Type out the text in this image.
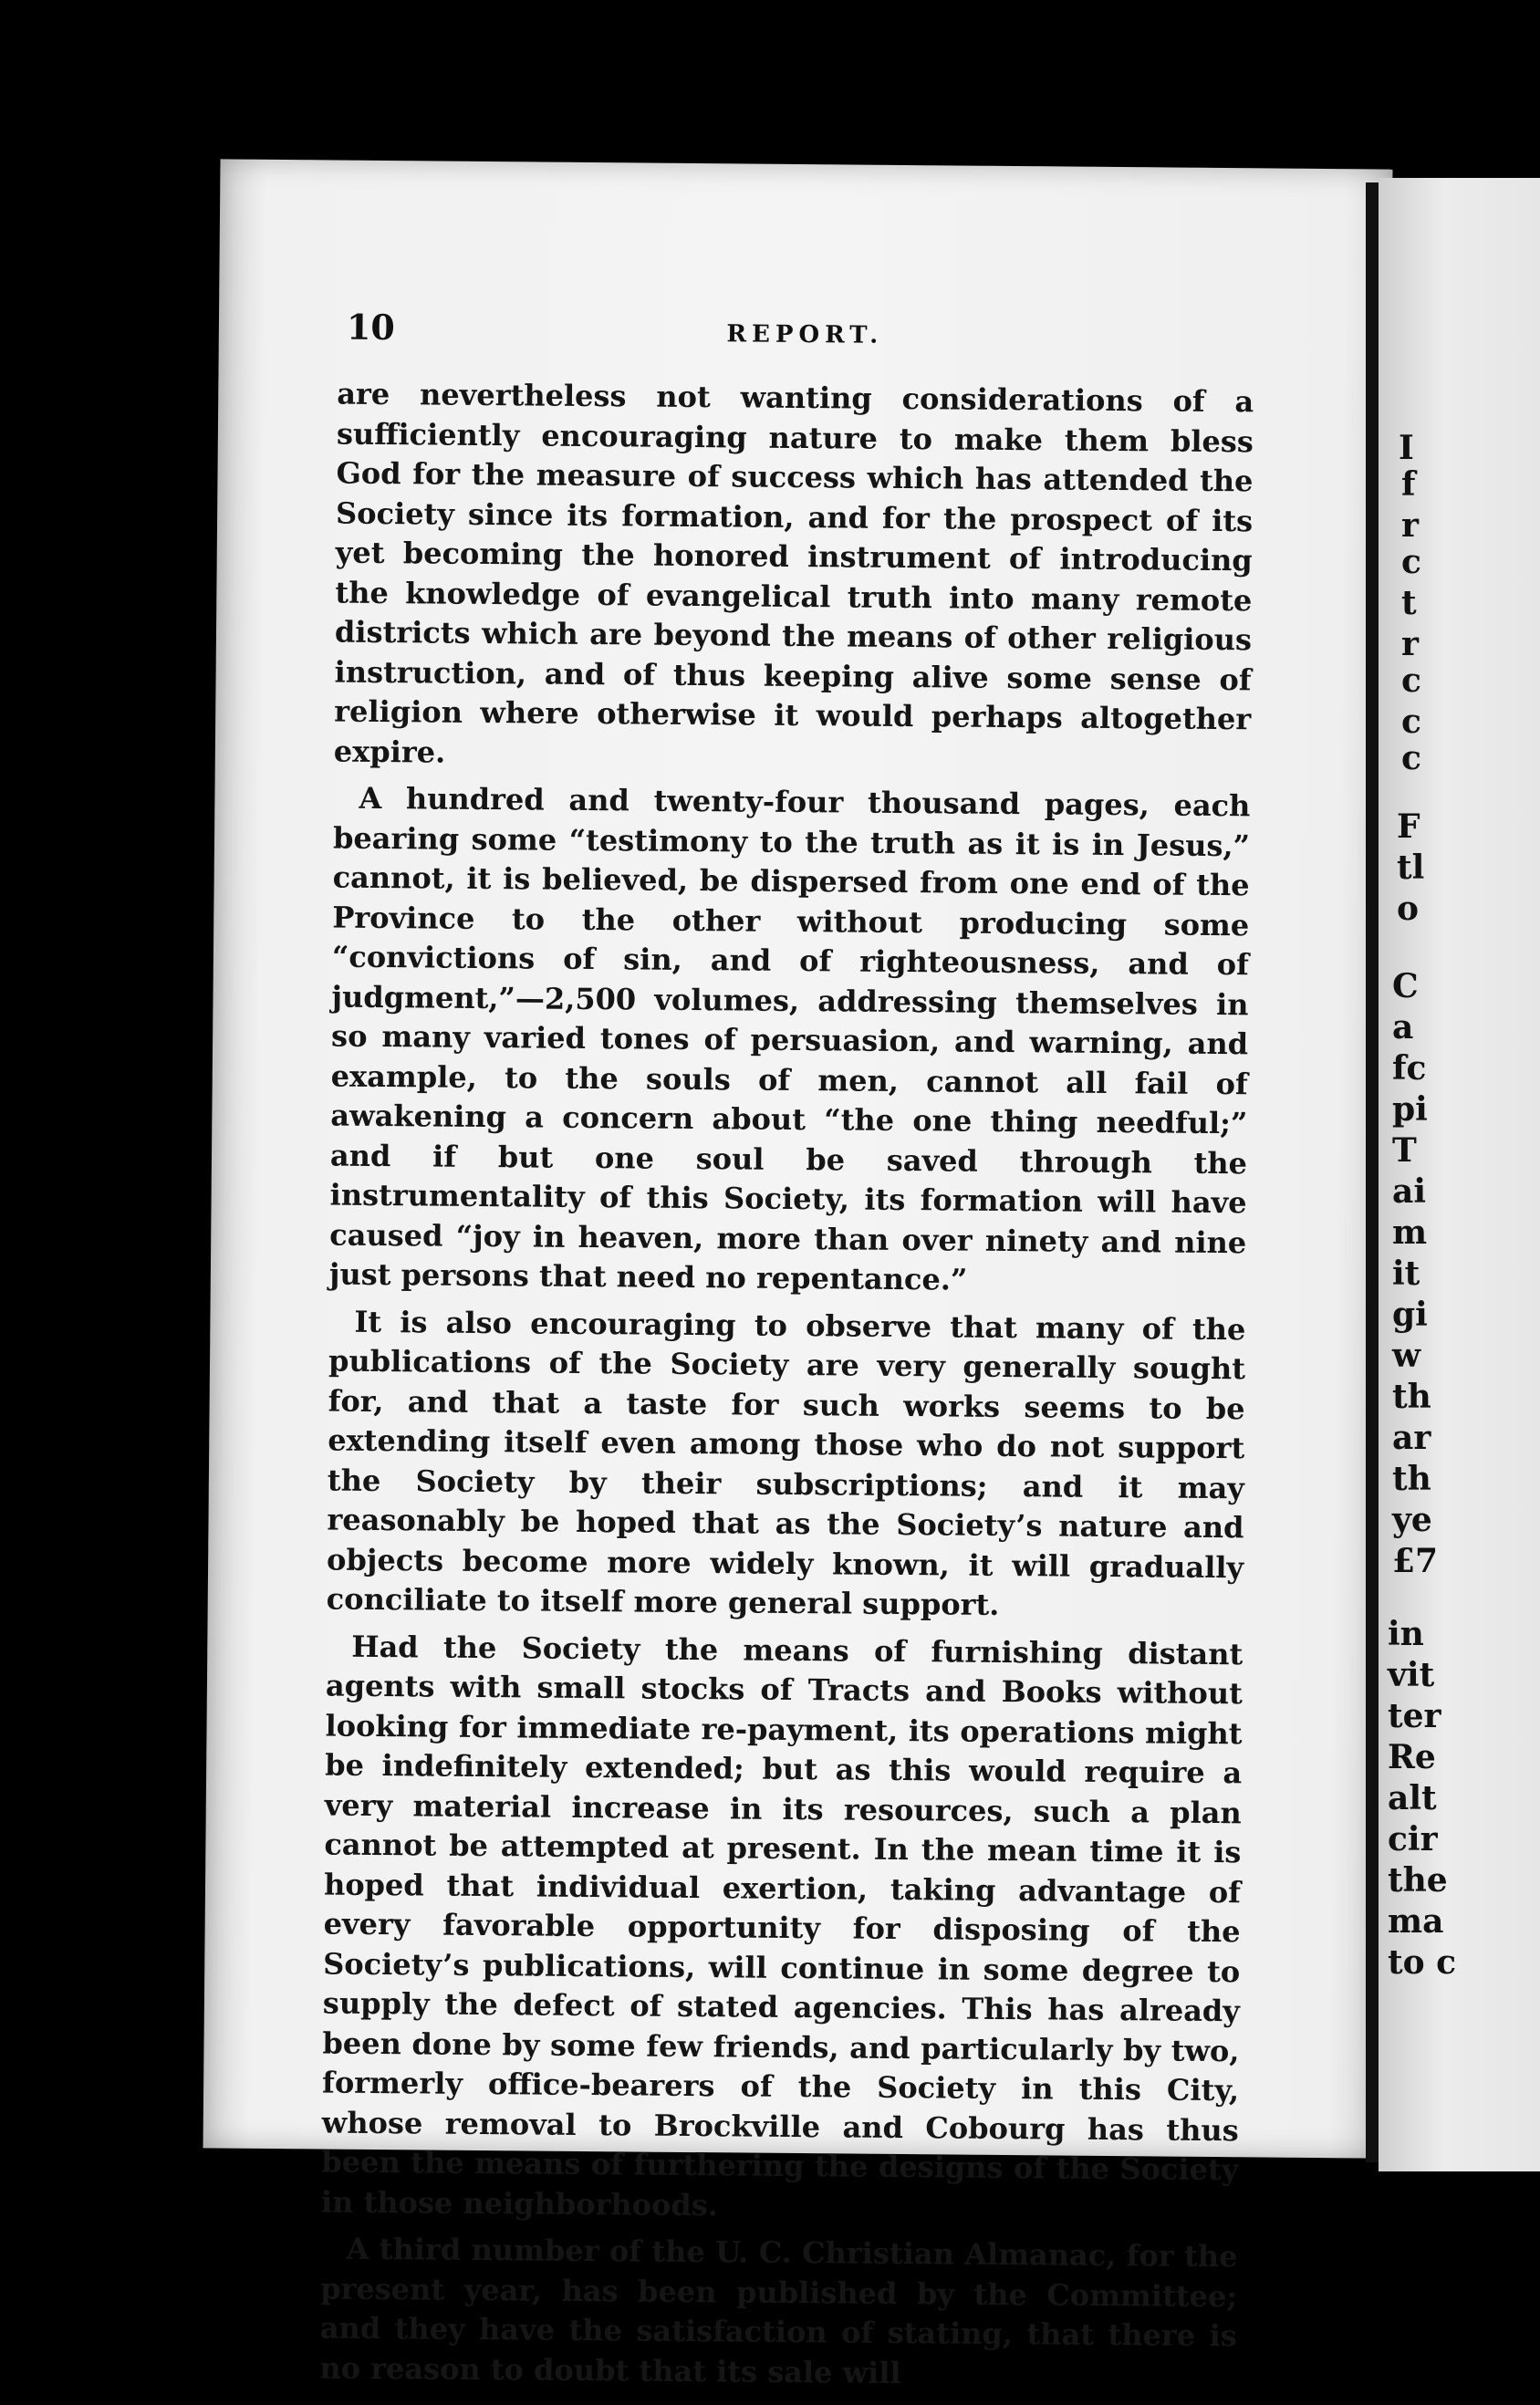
10	REPORT.

are nevertheless not wanting considerations of a sufficiently encouraging nature to make them bless God for the measure of success which has attended the Society since its formation, and for the prospect of its yet becoming the honored instrument of introducing the knowledge of evangelical truth into many remote districts which are beyond the means of other religious instruction, and of thus keeping alive some sense of religion where otherwise it would perhaps altogether expire.

A hundred and twenty-four thousand pages, each bearing some “testimony to the truth as it is in Jesus,” cannot, it is believed, be dispersed from one end of the Province to the other without producing some “convictions of sin, and of righteousness, and of judgment,”—2,500 volumes, addressing themselves in so many varied tones of persuasion, and warning, and example, to the souls of men, cannot all fail of awakening a concern about “the one thing needful;” and if but one soul be saved through the instrumentality of this Society, its formation will have caused “joy in heaven, more than over ninety and nine just persons that need no repentance.”

It is also encouraging to observe that many of the publications of the Society are very generally sought for, and that a taste for such works seems to be extending itself even among those who do not support the Society by their subscriptions; and it may reasonably be hoped that as the Society’s nature and objects become more widely known, it will gradually conciliate to itself more general support.

Had the Society the means of furnishing distant agents with small stocks of Tracts and Books without looking for immediate re-payment, its operations might be indefinitely extended; but as this would require a very material increase in its resources, such a plan cannot be attempted at present. In the mean time it is hoped that individual exertion, taking advantage of every favorable opportunity for disposing of the Society’s publications, will continue in some degree to supply the defect of stated agencies. This has already been done by some few friends, and particularly by two, formerly office-bearers of the Society in this City, whose removal to Brockville and Cobourg has thus been the means of furthering the designs of the Society in those neighborhoods.

A third number of the U. C. Christian Almanac, for the present year, has been published by the Committee; and they have the satisfaction of stating, that there is no reason to doubt that its sale will

I
f
r
c
t
r
c
c
c
F
tl
o
C
a
fc
pi
T
ai
m
it
gi
w
th
ar
th
ye
£7
in
vit
ter
Re
alt
cir
the
ma
to c
